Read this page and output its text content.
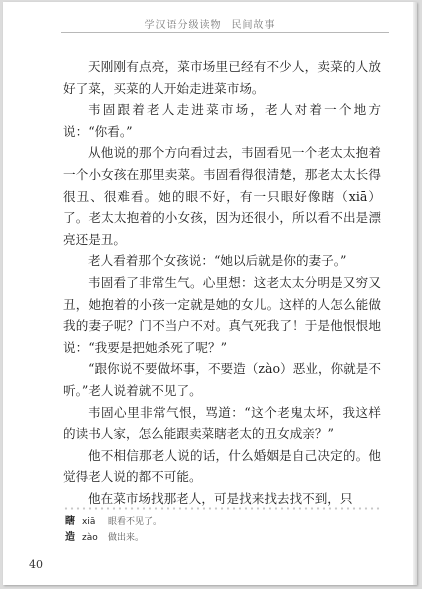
学汉语分级读物 民间故事

天刚刚有点亮，菜市场里已经有不少人，卖菜的人放好了菜，买菜的人开始走进菜市场。

韦固跟着老人走进菜市场，老人对着一个地方说：“你看。”

从他说的那个方向看过去，韦固看见一个老太太抱着一个小女孩在那里卖菜。韦固看得很清楚，那老太太长得很丑、很难看。她的眼不好，有一只眼好像瞎（xiā）了。老太太抱着的小女孩，因为还很小，所以看不出是漂亮还是丑。

老人看着那个女孩说：“她以后就是你的妻子。”

韦固看了非常生气。心里想：这老太太分明是又穷又丑，她抱着的小孩一定就是她的女儿。这样的人怎么能做我的妻子呢？门不当户不对。真气死我了！于是他恨恨地说：“我要是把她杀死了呢？”

“跟你说不要做坏事，不要造（zào）恶业，你就是不听。”老人说着就不见了。

韦固心里非常气恨，骂道：“这个老鬼太坏，我这样的读书人家，怎么能跟卖菜瞎老太的丑女成亲？”

他不相信那老人说的话，什么婚姻是自己决定的。他觉得老人说的都不可能。

他在菜市场找那老人，可是找来找去找不到，只

瞎 xiā 眼看不见了。
造 zào 做出来。
40
